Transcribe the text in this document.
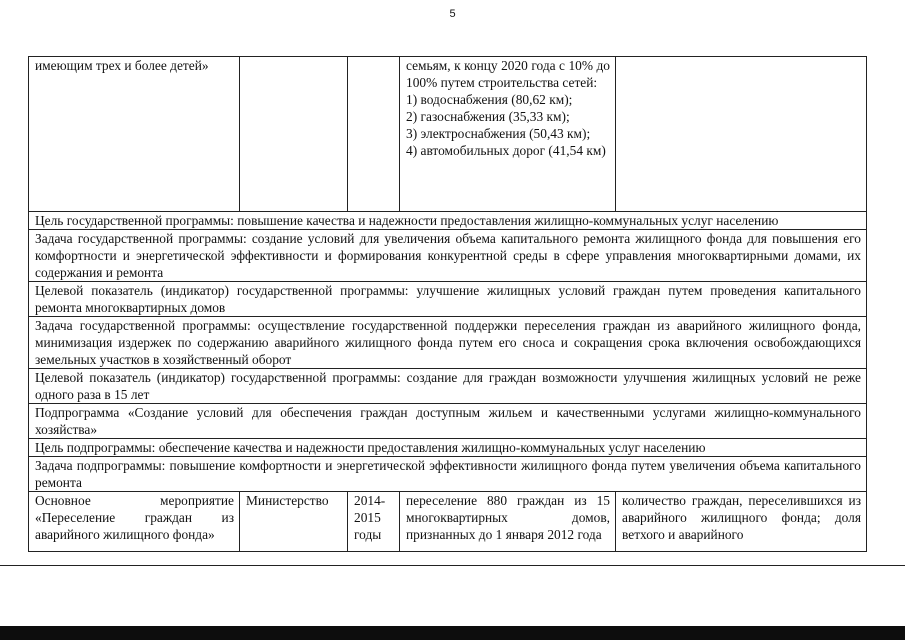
5
имеющим трех и более детей»			семьям, к концу 2020 года с 10% до 100% путем строительства сетей:
1) водоснабжения (80,62 км);
2) газоснабжения (35,33 км);
3) электроснабжения (50,43 км);
4) автомобильных дорог (41,54 км)	

Цель государственной программы: повышение качества и надежности предоставления жилищно-коммунальных услуг населению				
Задача государственной программы: создание условий для увеличения объема капитального ремонта жилищного фонда для повышения его комфортности и энергетической эффективности и формирования конкурентной среды в сфере управления многоквартирными домами, их содержания и ремонта				
Целевой показатель (индикатор) государственной программы: улучшение жилищных условий граждан путем проведения капитального ремонта многоквартирных домов				
Задача государственной программы: осуществление государственной поддержки переселения граждан из аварийного жилищного фонда, минимизация издержек по содержанию аварийного жилищного фонда путем его сноса и сокращения срока включения освобождающихся земельных участков в хозяйственный оборот				
Целевой показатель (индикатор) государственной программы: создание для граждан возможности улучшения жилищных условий не реже одного раза в 15 лет				
Подпрограмма «Создание условий для обеспечения граждан доступным жильем и качественными услугами жилищно-коммунального хозяйства»				
Цель подпрограммы: обеспечение качества и надежности предоставления жилищно-коммунальных услуг населению				
Задача подпрограммы: повышение комфортности и энергетической эффективности жилищного фонда путем увеличения объема капитального ремонта				
Основное мероприятие «Переселение граждан из аварийного жилищного фонда»	Министерство	2014-2015 годы	переселение 880 граждан из 15 многоквартирных домов, признанных до 1 января 2012 года	количество граждан, переселившихся из аварийного жилищного фонда; доля ветхого и аварийного
